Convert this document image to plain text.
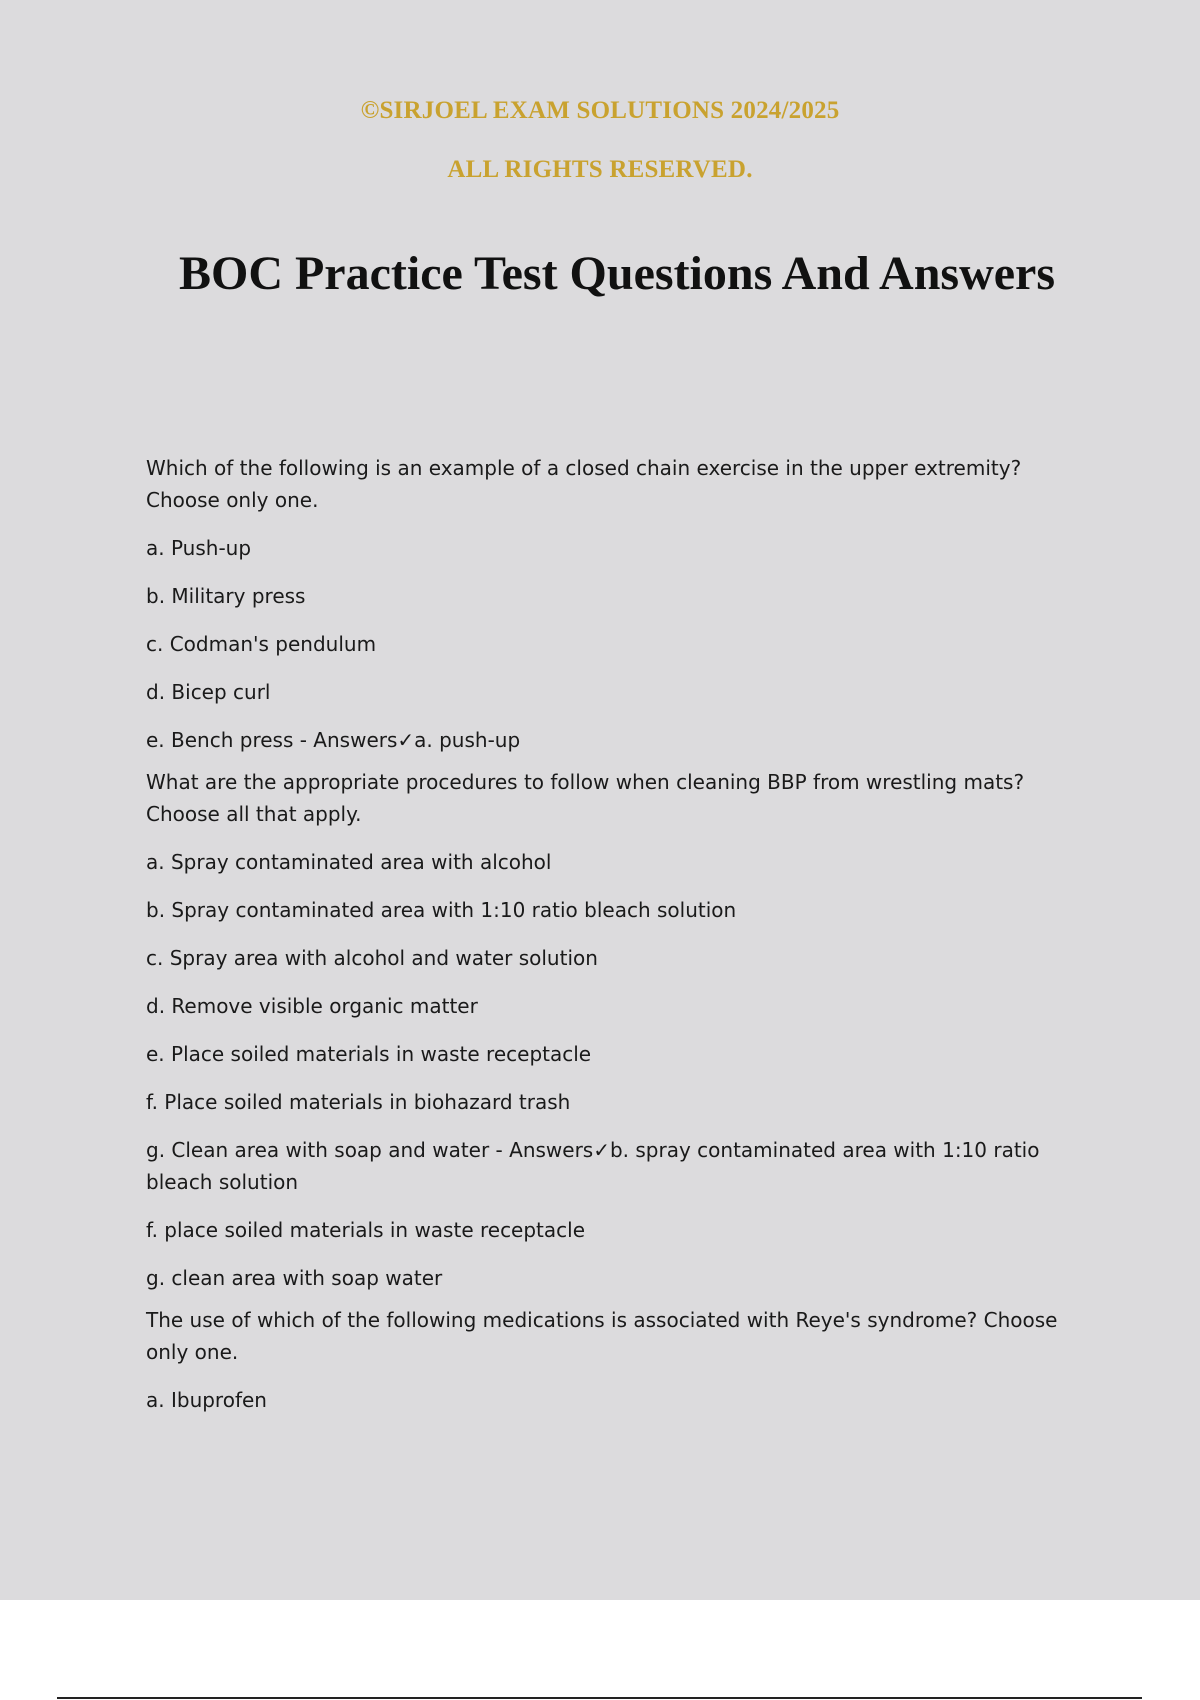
©SIRJOEL EXAM SOLUTIONS 2024/2025
ALL RIGHTS RESERVED.
BOC Practice Test Questions And Answers

Which of the following is an example of a closed chain exercise in the upper extremity? Choose only one.

a. Push-up

b. Military press

c. Codman's pendulum

d. Bicep curl

e. Bench press - Answers✓a. push-up

What are the appropriate procedures to follow when cleaning BBP from wrestling mats? Choose all that apply.

a. Spray contaminated area with alcohol

b. Spray contaminated area with 1:10 ratio bleach solution

c. Spray area with alcohol and water solution

d. Remove visible organic matter

e. Place soiled materials in waste receptacle

f. Place soiled materials in biohazard trash

g. Clean area with soap and water - Answers✓b. spray contaminated area with 1:10 ratio bleach solution

f. place soiled materials in waste receptacle

g. clean area with soap water

The use of which of the following medications is associated with Reye's syndrome? Choose only one.

a. Ibuprofen
